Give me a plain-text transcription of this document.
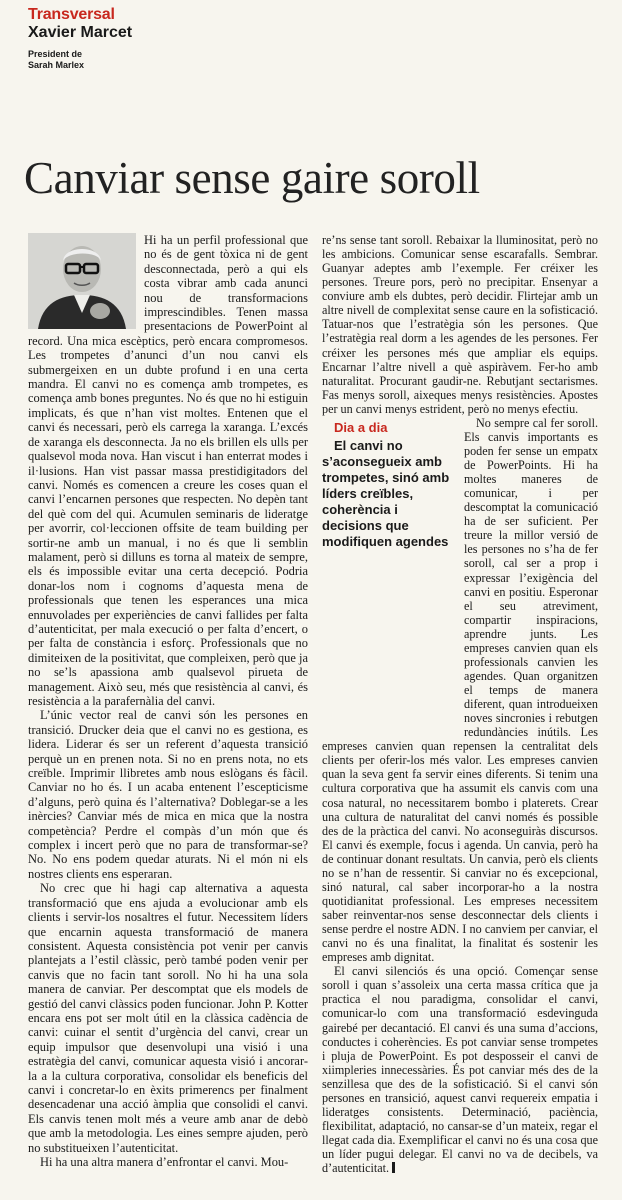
Transversal
Xavier Marcet
President de
Sarah Marlex
Canviar sense gaire soroll

Hi ha un perfil professional que no és de gent tòxica ni de gent desconnectada, però a qui els costa vibrar amb cada anunci nou de transformacions imprescindibles. Tenen massa presentacions de PowerPoint al record. Una mica escèptics, però encara compromesos. Les trompetes d’anunci d’un nou canvi els submergeixen en un dubte profund i en una certa mandra. El canvi no es comença amb trompetes, es comença amb bones preguntes. No és que no hi estiguin implicats, és que n’han vist moltes. Entenen que el canvi és necessari, però els carrega la xaranga. L’excés de xaranga els desconnecta. Ja no els brillen els ulls per qualsevol moda nova. Han viscut i han enterrat modes i il·lusions. Han vist passar massa prestidigitadors del canvi. Només es comencen a creure les coses quan el canvi l’encarnen persones que respecten. No depèn tant del què com del qui. Acumulen seminaris de lideratge per avorrir, col·leccionen offsite de team building per sortir-ne amb un manual, i no és que li semblin malament, però si dilluns es torna al mateix de sempre, els és impossible evitar una certa decepció. Podria donar-los nom i cognoms d’aquesta mena de professionals que tenen les esperances una mica ennuvolades per experiències de canvi fallides per falta d’autenticitat, per mala execució o per falta d’encert, o per falta de constància i esforç. Professionals que no dimiteixen de la positivitat, que compleixen, però que ja no se’ls apassiona amb qualsevol pirueta de management. Això seu, més que resistència al canvi, és resistència a la parafernàlia del canvi.

L’únic vector real de canvi són les persones en transició. Drucker deia que el canvi no es gestiona, es lidera. Liderar és ser un referent d’aquesta transició perquè un en prenen nota. Si no en prens nota, no ets creïble. Imprimir llibretes amb nous eslògans és fàcil. Canviar no ho és. I un acaba entenent l’escepticisme d’alguns, però quina és l’alternativa? Doblegar-se a les inèrcies? Canviar més de mica en mica que la nostra competència? Perdre el compàs d’un món que és complex i incert però que no para de transformar-se? No. No ens podem quedar aturats. Ni el món ni els nostres clients ens esperaran.

No crec que hi hagi cap alternativa a aquesta transformació que ens ajuda a evolucionar amb els clients i servir-los nosaltres el futur. Necessitem líders que encarnin aquesta transformació de manera consistent. Aquesta consistència pot venir per canvis plantejats a l’estil clàssic, però també poden venir per canvis que no facin tant soroll. No hi ha una sola manera de canviar. Per descomptat que els models de gestió del canvi clàssics poden funcionar. John P. Kotter encara ens pot ser molt útil en la clàssica cadència de canvi: cuinar el sentit d’urgència del canvi, crear un equip impulsor que desenvolupi una visió i una estratègia del canvi, comunicar aquesta visió i ancorar-la a la cultura corporativa, consolidar els beneficis del canvi i concretar-lo en èxits primerencs per finalment desencadenar una acció àmplia que consolidi el canvi. Els canvis tenen molt més a veure amb anar de debò que amb la metodologia. Les eines sempre ajuden, però no substitueixen l’autenticitat.

Hi ha una altra manera d’enfrontar el canvi. Mou-

re’ns sense tant soroll. Rebaixar la lluminositat, però no les ambicions. Comunicar sense escarafalls. Sembrar. Guanyar adeptes amb l’exemple. Fer créixer les persones. Treure pors, però no precipitar. Ensenyar a conviure amb els dubtes, però decidir. Flirtejar amb un altre nivell de complexitat sense caure en la sofisticació. Tatuar-nos que l’estratègia són les persones. Que l’estratègia real dorm a les agendes de les persones. Fer créixer les persones més que ampliar els equips. Encarnar l’altre nivell a què aspiràvem. Fer-ho amb naturalitat. Procurant gaudir-ne. Rebutjant sectarismes. Fas menys soroll, aixeques menys resistències. Apostes per un canvi menys estrident, però no menys efectiu.

Dia a dia
El canvi no s’aconsegueix amb trompetes, sinó amb líders creïbles, coherència i decisions que modifiquen agendes
No sempre cal fer soroll. Els canvis importants es poden fer sense un empatx de PowerPoints. Hi ha moltes maneres de comunicar, i per descomptat la comunicació ha de ser suficient. Per treure la millor versió de les persones no s’ha de fer soroll, cal ser a prop i expressar l’exigència del canvi en positiu. Esperonar el seu atreviment, compartir inspiracions, aprendre junts. Les empreses canvien quan els professionals canvien les agendes. Quan organitzen el temps de manera diferent, quan introdueixen noves sincronies i rebutgen redundàncies inútils. Les empreses canvien quan repensen la centralitat dels clients per oferir-los més valor. Les empreses canvien quan la seva gent fa servir eines diferents. Si tenim una cultura corporativa que ha assumit els canvis com una cosa natural, no necessitarem bombo i platerets. Crear una cultura de naturalitat del canvi només és possible des de la pràctica del canvi. No aconseguiràs discursos. El canvi és exemple, focus i agenda. Un canvia, però ha de continuar donant resultats. Un canvia, però els clients no se n’han de ressentir. Si canviar no és excepcional, sinó natural, cal saber incorporar-ho a la nostra quotidianitat professional. Les empreses necessitem saber reinventar-nos sense desconnectar dels clients i sense perdre el nostre ADN. I no canviem per canviar, el canvi no és una finalitat, la finalitat és sostenir les empreses amb dignitat.

El canvi silenciós és una opció. Començar sense soroll i quan s’assoleix una certa massa crítica que ja practica el nou paradigma, consolidar el canvi, comunicar-lo com una transformació esdevinguda gairebé per decantació. El canvi és una suma d’accions, conductes i coherències. Es pot canviar sense trompetes i pluja de PowerPoint. Es pot desposseir el canvi de xiimpleries innecessàries. És pot canviar més des de la senzillesa que des de la sofisticació. Si el canvi són persones en transició, aquest canvi requereix empatia i lideratges consistents. Determinació, paciència, flexibilitat, adaptació, no cansar-se d’un mateix, regar el llegat cada dia. Exemplificar el canvi no és una cosa que un líder pugui delegar. El canvi no va de decibels, va d’autenticitat.
